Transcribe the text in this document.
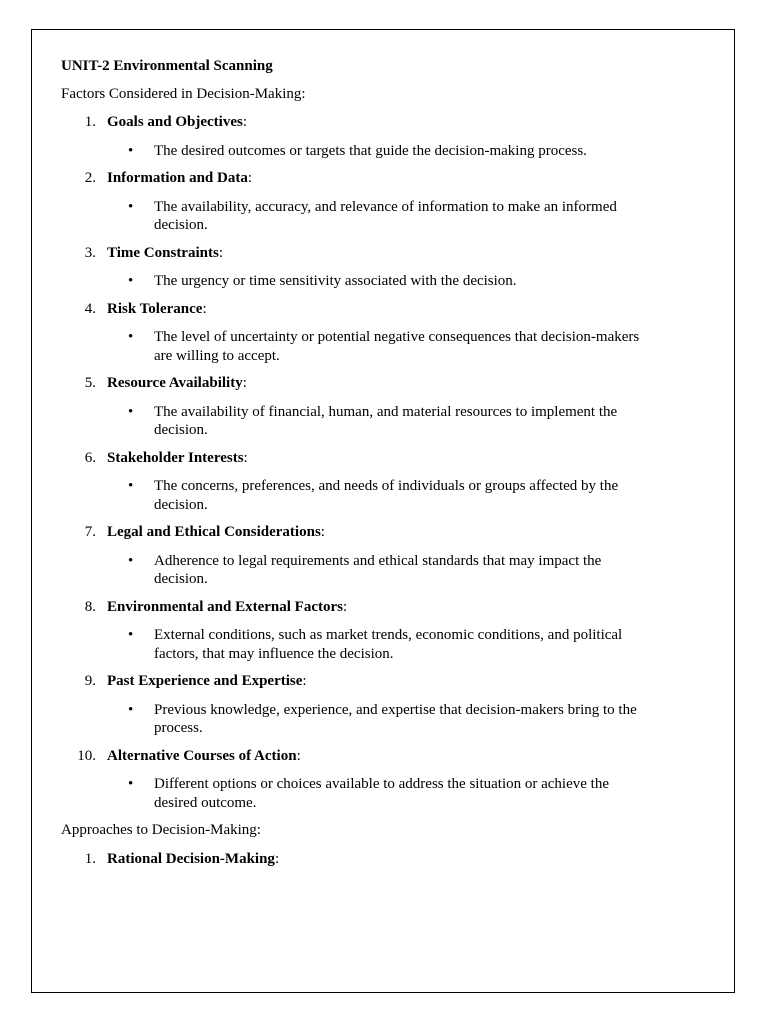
UNIT-2 Environmental Scanning

Factors Considered in Decision-Making:

1. Goals and Objectives:
• The desired outcomes or targets that guide the decision-making process.
2. Information and Data:
• The availability, accuracy, and relevance of information to make an informed decision.
3. Time Constraints:
• The urgency or time sensitivity associated with the decision.
4. Risk Tolerance:
• The level of uncertainty or potential negative consequences that decision-makers are willing to accept.
5. Resource Availability:
• The availability of financial, human, and material resources to implement the decision.
6. Stakeholder Interests:
• The concerns, preferences, and needs of individuals or groups affected by the decision.
7. Legal and Ethical Considerations:
• Adherence to legal requirements and ethical standards that may impact the decision.
8. Environmental and External Factors:
• External conditions, such as market trends, economic conditions, and political factors, that may influence the decision.
9. Past Experience and Expertise:
• Previous knowledge, experience, and expertise that decision-makers bring to the process.
10. Alternative Courses of Action:
• Different options or choices available to address the situation or achieve the desired outcome.

Approaches to Decision-Making:

1. Rational Decision-Making:
